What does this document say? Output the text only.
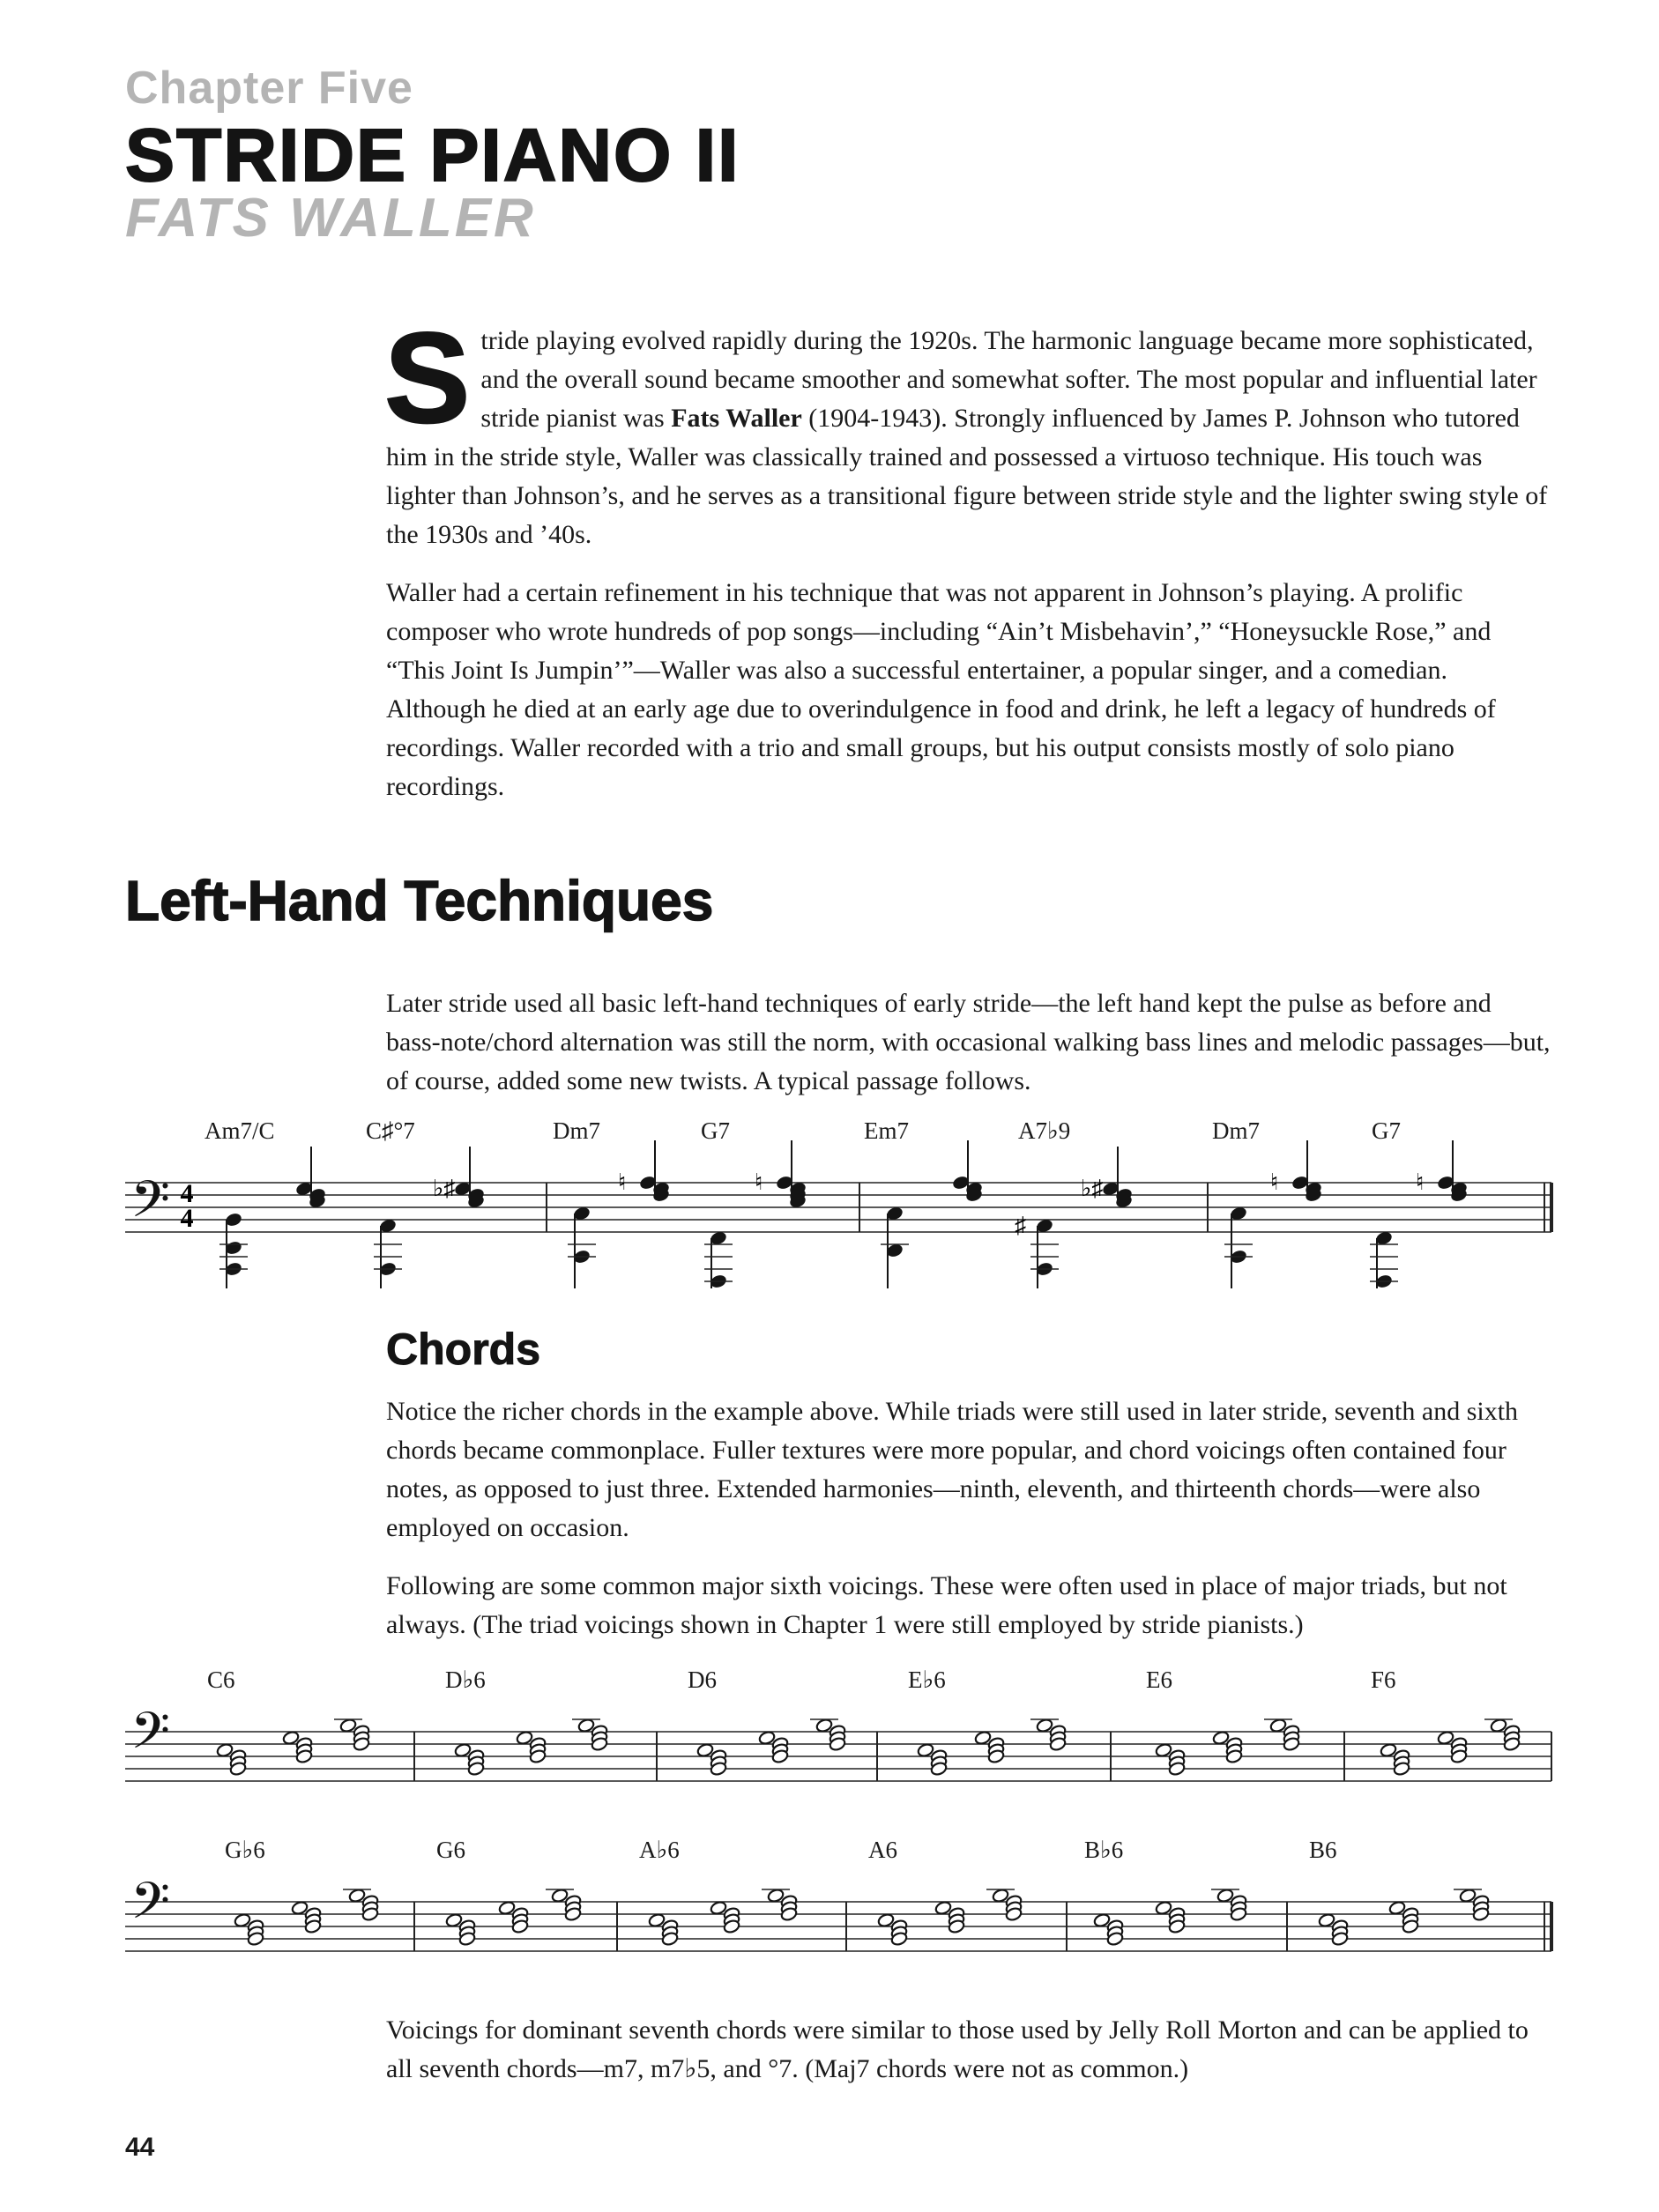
Chapter Five
STRIDE PIANO II
FATS WALLER

Stride playing evolved rapidly during the 1920s. The harmonic language became more sophisticated, and the overall sound became smoother and somewhat softer. The most popular and influential later stride pianist was Fats Waller (1904-1943). Strongly influenced by James P. Johnson who tutored him in the stride style, Waller was classically trained and possessed a virtuoso technique. His touch was lighter than Johnson’s, and he serves as a transitional figure between stride style and the lighter swing style of the 1930s and ’40s.

Waller had a certain refinement in his technique that was not apparent in Johnson’s playing. A prolific composer who wrote hundreds of pop songs—including “Ain’t Misbehavin’,” “Honeysuckle Rose,” and “This Joint Is Jumpin’”—Waller was also a successful entertainer, a popular singer, and a comedian. Although he died at an early age due to overindulgence in food and drink, he left a legacy of hundreds of recordings. Waller recorded with a trio and small groups, but his output consists mostly of solo piano recordings.

Left-Hand Techniques
Later stride used all basic left-hand techniques of early stride—the left hand kept the pulse as before and bass-note/chord alternation was still the norm, with occasional walking bass lines and melodic passages—but, of course, added some new twists. A typical passage follows.
Am7/C	C♯°7	Dm7	G7	Em7	A7♭9	Dm7	G7
𝄢 4
4
♭♯	♮	♮
♯
♭♯	♮	♮
Chords

Notice the richer chords in the example above. While triads were still used in later stride, seventh and sixth chords became commonplace. Fuller textures were more popular, and chord voicings often contained four notes, as opposed to just three. Extended harmonies—ninth, eleventh, and thirteenth chords—were also employed on occasion.

Following are some common major sixth voicings. These were often used in place of major triads, but not always. (The triad voicings shown in Chapter 1 were still employed by stride pianists.)

C6	D♭6	D6	E♭6	E6	F6
𝄢
G♭6	G6	A♭6	A6	B♭6	B6
𝄢
Voicings for dominant seventh chords were similar to those used by Jelly Roll Morton and can be applied to all seventh chords—m7, m7♭5, and °7. (Maj7 chords were not as common.)
44
